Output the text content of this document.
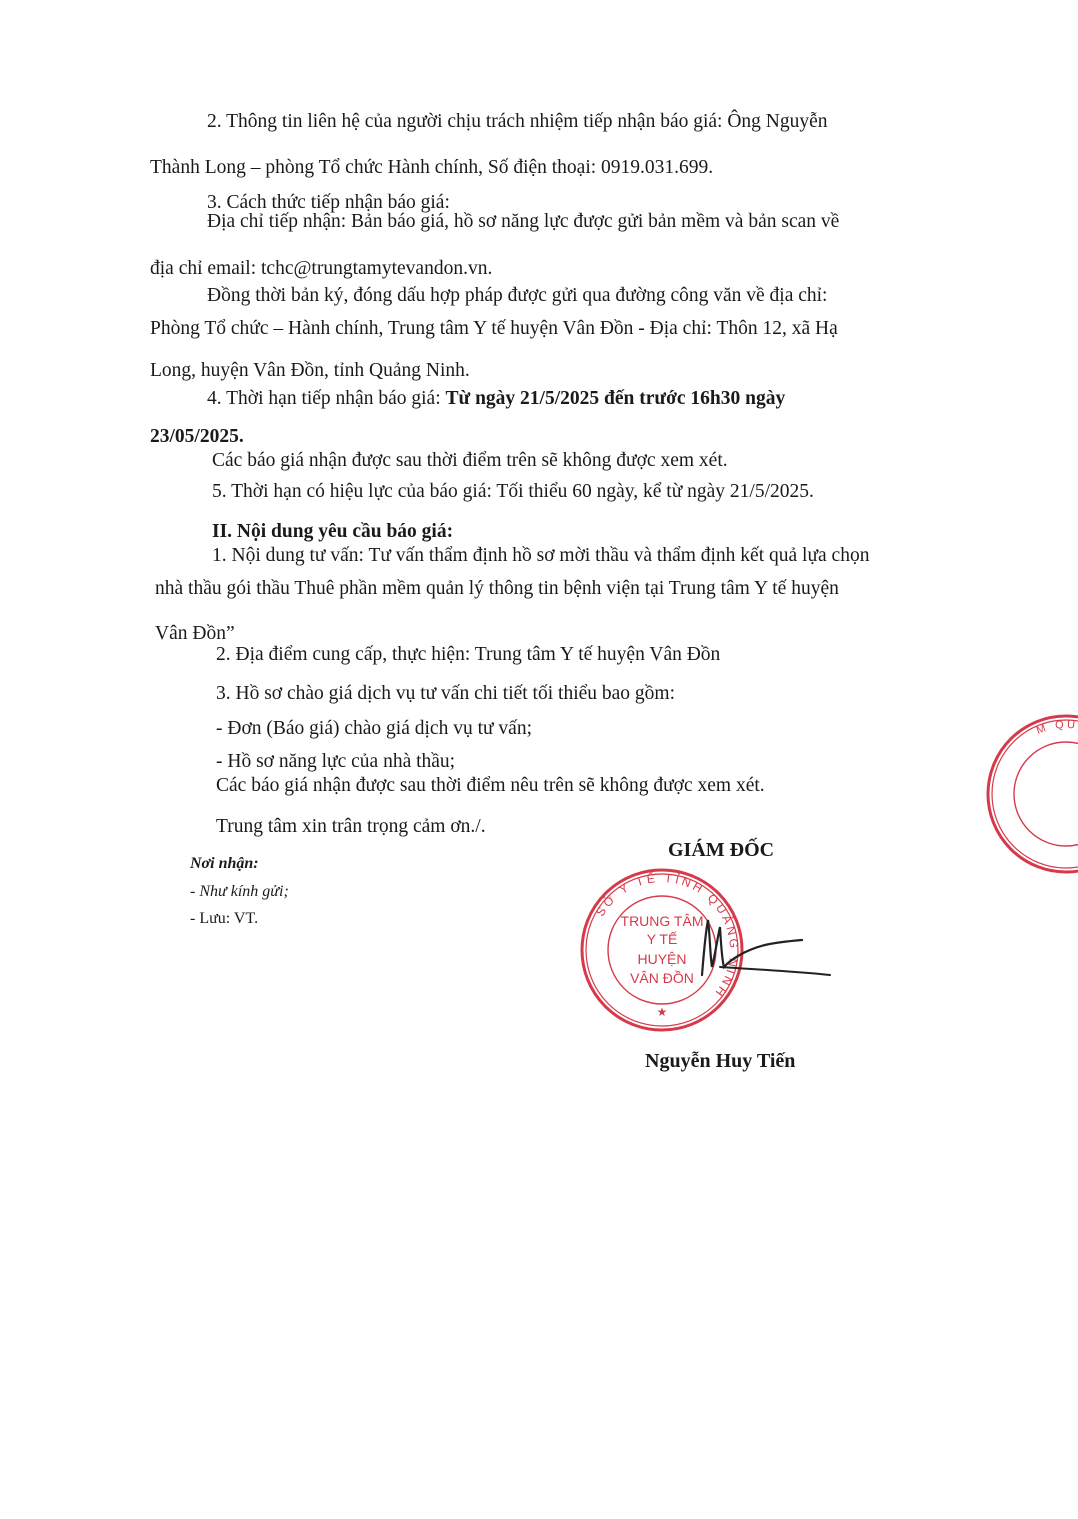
2. Thông tin liên hệ của người chịu trách nhiệm tiếp nhận báo giá: Ông Nguyễn
Thành Long – phòng Tổ chức Hành chính, Số điện thoại: 0919.031.699.
3. Cách thức tiếp nhận báo giá:
Địa chỉ tiếp nhận: Bản báo giá, hồ sơ năng lực được gửi bản mềm và bản scan về
địa chỉ email: tchc@trungtamytevandon.vn.
Đồng thời bản ký, đóng dấu hợp pháp được gửi qua đường công văn về địa chỉ:
Phòng Tổ chức – Hành chính, Trung tâm Y tế huyện Vân Đồn - Địa chỉ: Thôn 12, xã Hạ
Long, huyện Vân Đồn, tỉnh Quảng Ninh.
4. Thời hạn tiếp nhận báo giá: Từ ngày 21/5/2025 đến trước 16h30 ngày
23/05/2025.
Các báo giá nhận được sau thời điểm trên sẽ không được xem xét.
5. Thời hạn có hiệu lực của báo giá: Tối thiểu 60 ngày, kể từ ngày 21/5/2025.
II. Nội dung yêu cầu báo giá:
1. Nội dung tư vấn: Tư vấn thẩm định hồ sơ mời thầu và thẩm định kết quả lựa chọn
nhà thầu gói thầu Thuê phần mềm quản lý thông tin bệnh viện tại Trung tâm Y tế huyện
Vân Đồn”
2. Địa điểm cung cấp, thực hiện: Trung tâm Y tế huyện Vân Đồn
3. Hồ sơ chào giá dịch vụ tư vấn chi tiết tối thiểu bao gồm:
- Đơn (Báo giá) chào giá dịch vụ tư vấn;
- Hồ sơ năng lực của nhà thầu;
Các báo giá nhận được sau thời điểm nêu trên sẽ không được xem xét.
Trung tâm xin trân trọng cảm ơn./.
Nơi nhận:
- Như kính gửi;
- Lưu: VT.
GIÁM ĐỐC
Nguyễn Huy Tiến
SỞ Y TẾ TỈNH QUẢNG NINH
★
TRUNG TÂM
Y TẾ
HUYỆN
VÂN ĐỒN
M QU
